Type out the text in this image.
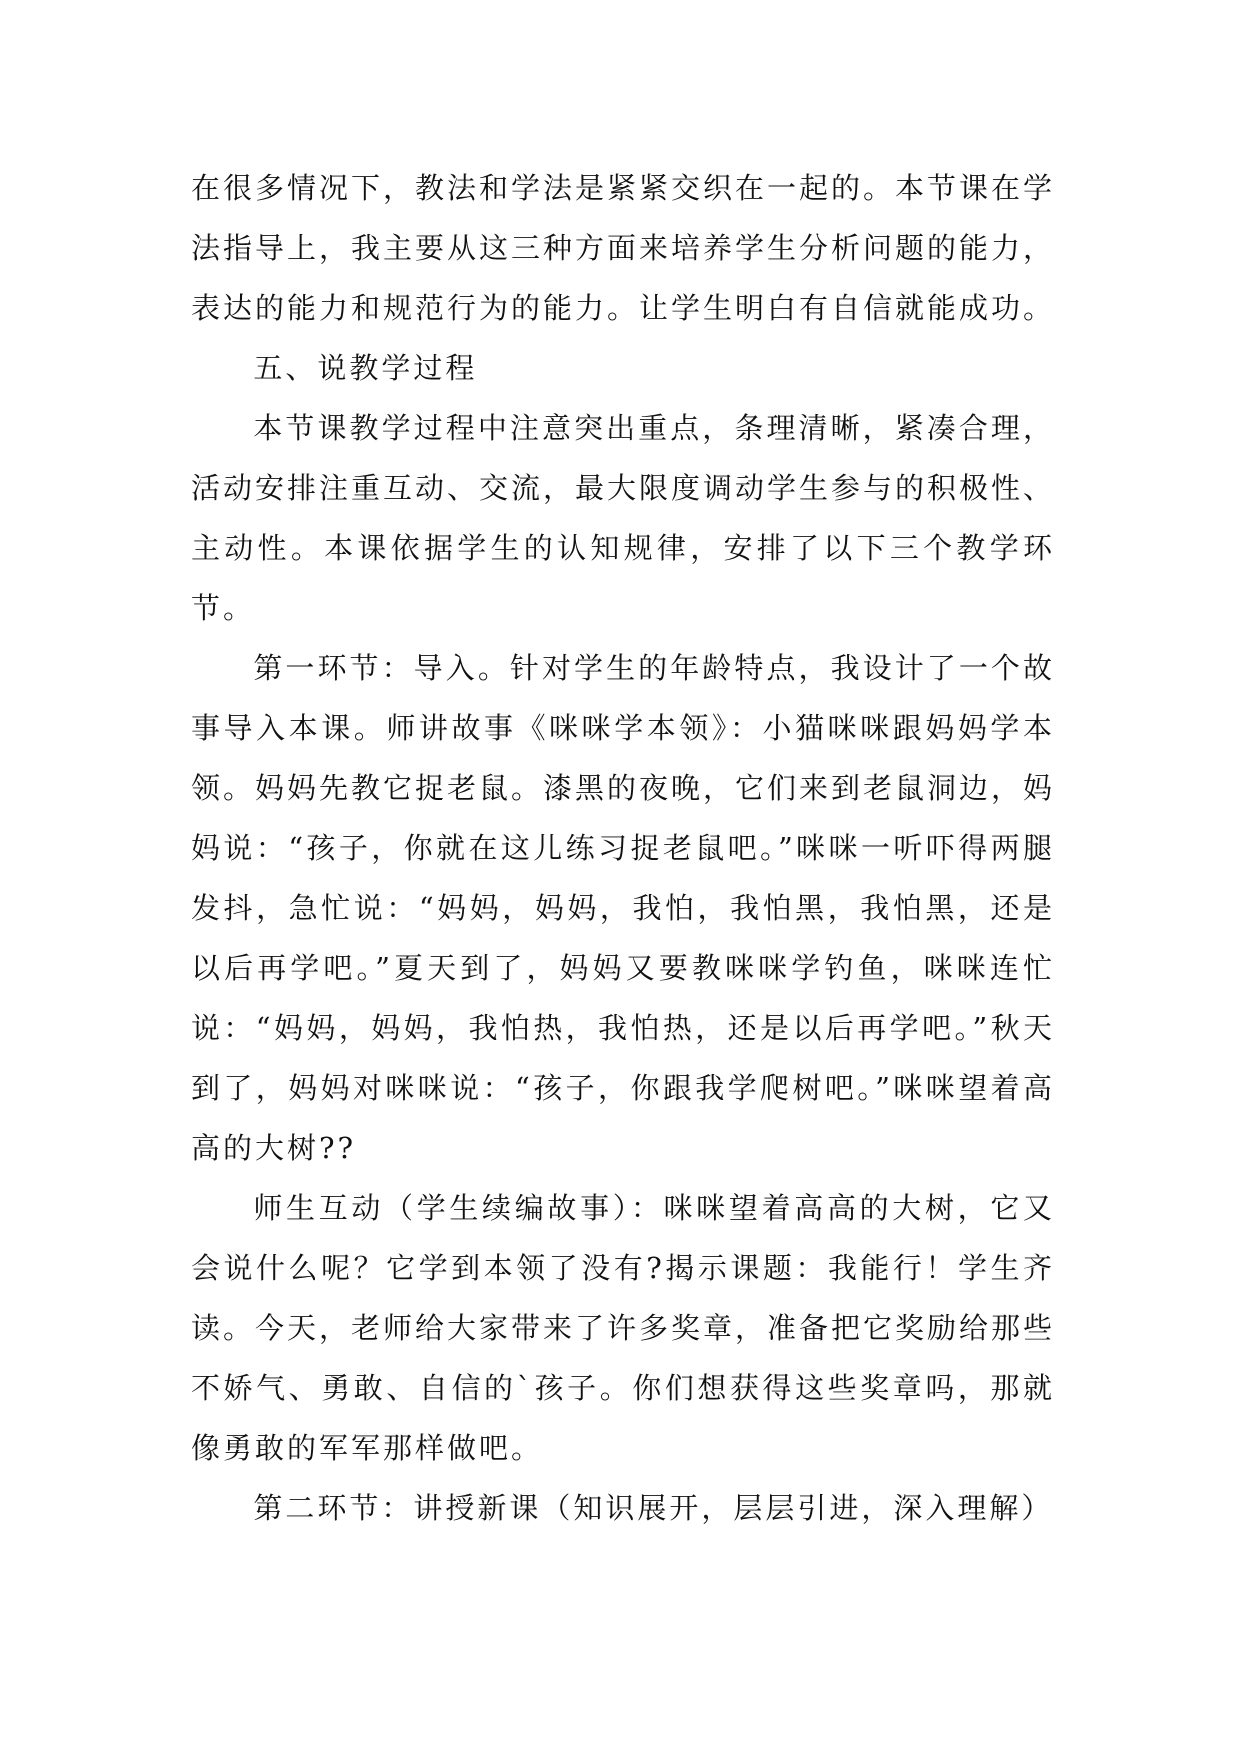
在很多情况下，教法和学法是紧紧交织在一起的。本节课在学法指导上，我主要从这三种方面来培养学生分析问题的能力，表达的能力和规范行为的能力。让学生明白有自信就能成功。

五、说教学过程

本节课教学过程中注意突出重点，条理清晰，紧凑合理，活动安排注重互动、交流，最大限度调动学生参与的积极性、主动性。本课依据学生的认知规律，安排了以下三个教学环节。

第一环节：导入。针对学生的年龄特点，我设计了一个故事导入本课。师讲故事《咪咪学本领》：小猫咪咪跟妈妈学本领。妈妈先教它捉老鼠。漆黑的夜晚，它们来到老鼠洞边，妈妈说：“孩子，你就在这儿练习捉老鼠吧。”咪咪一听吓得两腿发抖，急忙说：“妈妈，妈妈，我怕，我怕黑，我怕黑，还是以后再学吧。”夏天到了，妈妈又要教咪咪学钓鱼，咪咪连忙说：“妈妈，妈妈，我怕热，我怕热，还是以后再学吧。”秋天到了，妈妈对咪咪说：“孩子，你跟我学爬树吧。”咪咪望着高高的大树??

师生互动（学生续编故事）：咪咪望着高高的大树，它又会说什么呢？它学到本领了没有?揭示课题：我能行！学生齐读。今天，老师给大家带来了许多奖章，准备把它奖励给那些不娇气、勇敢、自信的`孩子。你们想获得这些奖章吗，那就像勇敢的军军那样做吧。

第二环节：讲授新课（知识展开，层层引进，深入理解）
